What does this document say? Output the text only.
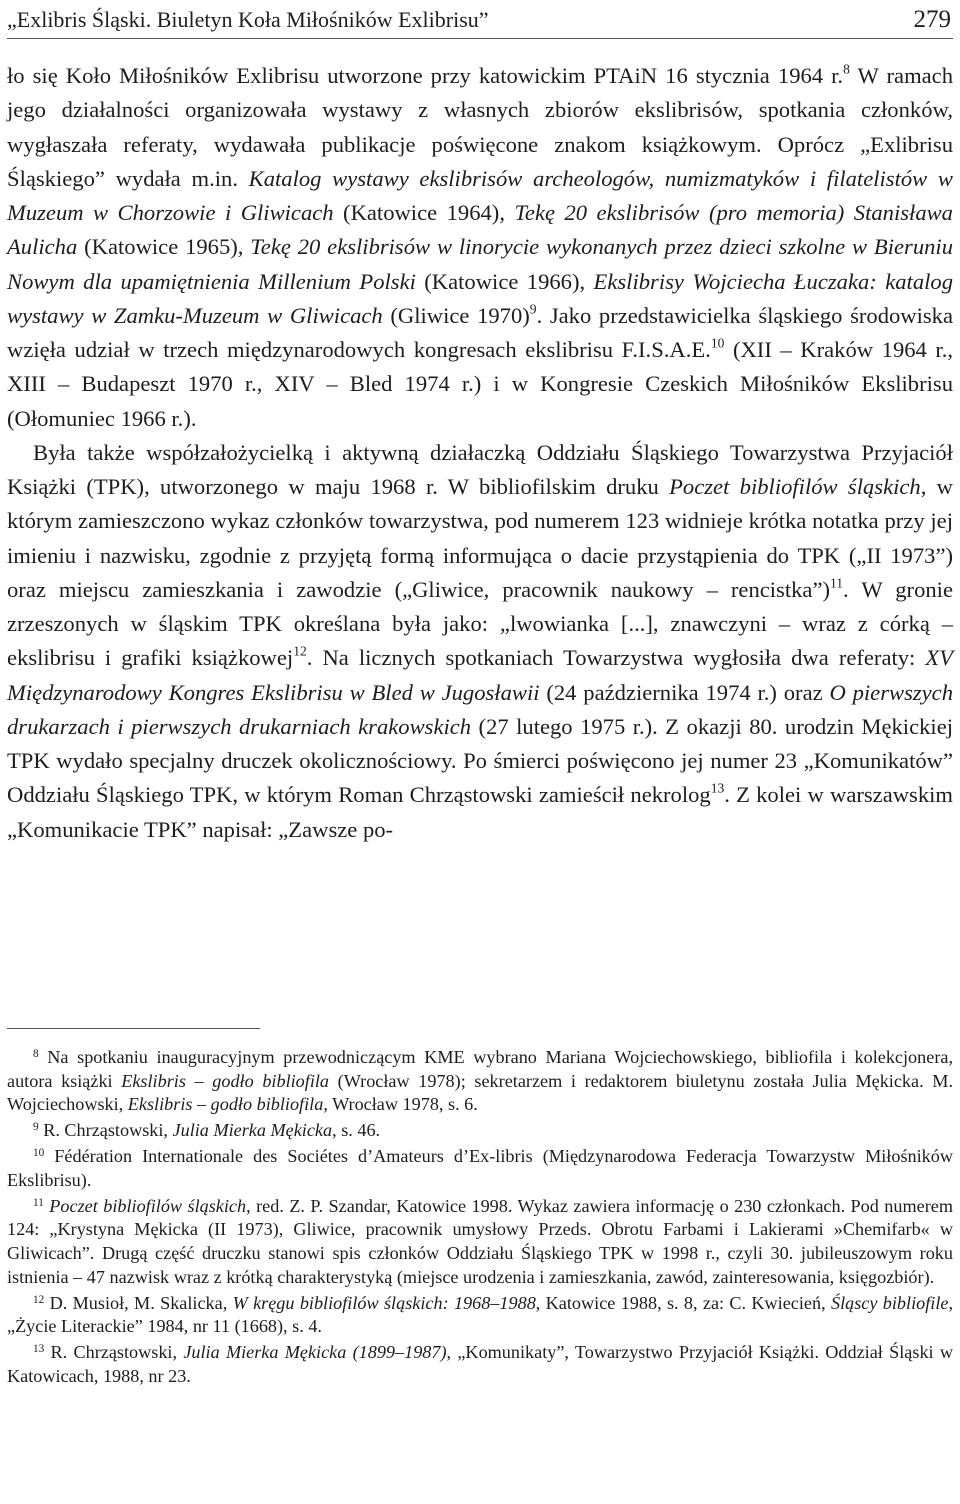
„Exlibris Śląski. Biuletyn Koła Miłośników Exlibrisu”	279

ło się Koło Miłośników Exlibrisu utworzone przy katowickim PTAiN 16 stycznia 1964 r.$^8$ W ramach jego działalności organizowała wystawy z własnych zbiorów ekslibrisów, spotkania członków, wygłaszała referaty, wydawała publikacje poświęcone znakom książkowym. Oprócz „Exlibrisu Śląskiego” wydała m.in. Katalog wystawy ekslibrisów archeologów, numizmatyków i filatelistów w Muzeum w Chorzowie i Gliwicach (Katowice 1964), Tekę 20 ekslibrisów (pro memoria) Stanisława Aulicha (Katowice 1965), Tekę 20 ekslibrisów w linorycie wykonanych przez dzieci szkolne w Bieruniu Nowym dla upamiętnienia Millenium Polski (Katowice 1966), Ekslibrisy Wojciecha Łuczaka: katalog wystawy w Zamku-Muzeum w Gliwicach (Gliwice 1970)$^9$. Jako przedstawicielka śląskiego środowiska wzięła udział w trzech międzynarodowych kongresach ekslibrisu F.I.S.A.E.$^{10}$ (XII – Kraków 1964 r., XIII – Budapeszt 1970 r., XIV – Bled 1974 r.) i w Kongresie Czeskich Miłośników Ekslibrisu (Ołomuniec 1966 r.).

Była także współzałożycielką i aktywną działaczką Oddziału Śląskiego Towarzystwa Przyjaciół Książki (TPK), utworzonego w maju 1968 r. W bibliofilskim druku Poczet bibliofilów śląskich, w którym zamieszczono wykaz członków towarzystwa, pod numerem 123 widnieje krótka notatka przy jej imieniu i nazwisku, zgodnie z przyjętą formą informująca o dacie przystąpienia do TPK („II 1973”) oraz miejscu zamieszkania i zawodzie („Gliwice, pracownik naukowy – rencistka”)$^{11}$. W gronie zrzeszonych w śląskim TPK określana była jako: „lwowianka [...], znawczyni – wraz z córką – ekslibrisu i grafiki książkowej$^{12}$. Na licznych spotkaniach Towarzystwa wygłosiła dwa referaty: XV Międzynarodowy Kongres Ekslibrisu w Bled w Jugosławii (24 października 1974 r.) oraz O pierwszych drukarzach i pierwszych drukarniach krakowskich (27 lutego 1975 r.). Z okazji 80. urodzin Mękickiej TPK wydało specjalny druczek okolicznościowy. Po śmierci poświęcono jej numer 23 „Komunikatów” Oddziału Śląskiego TPK, w którym Roman Chrząstowski zamieścił nekrolog$^{13}$. Z kolei w warszawskim „Komunikacie TPK” napisał: „Zawsze po-

$^8$ Na spotkaniu inauguracyjnym przewodniczącym KME wybrano Mariana Wojciechowskiego, bibliofila i kolekcjonera, autora książki Ekslibris – godło bibliofila (Wrocław 1978); sekretarzem i redaktorem biuletynu została Julia Mękicka. M. Wojciechowski, Ekslibris – godło bibliofila, Wrocław 1978, s. 6.

$^9$ R. Chrząstowski, Julia Mierka Mękicka, s. 46.

$^{10}$ Fédération Internationale des Sociétes d’Amateurs d’Ex-libris (Międzynarodowa Federacja Towarzystw Miłośników Ekslibrisu).

$^{11}$ Poczet bibliofilów śląskich, red. Z. P. Szandar, Katowice 1998. Wykaz zawiera informację o 230 członkach. Pod numerem 124: „Krystyna Mękicka (II 1973), Gliwice, pracownik umysłowy Przeds. Obrotu Farbami i Lakierami »Chemifarb« w Gliwicach”. Drugą część druczku stanowi spis członków Oddziału Śląskiego TPK w 1998 r., czyli 30. jubileuszowym roku istnienia – 47 nazwisk wraz z krótką charakterystyką (miejsce urodzenia i zamieszkania, zawód, zainteresowania, księgozbiór).

$^{12}$ D. Musioł, M. Skalicka, W kręgu bibliofilów śląskich: 1968–1988, Katowice 1988, s. 8, za: C. Kwiecień, Śląscy bibliofile, „Życie Literackie” 1984, nr 11 (1668), s. 4.

$^{13}$ R. Chrząstowski, Julia Mierka Mękicka (1899–1987), „Komunikaty”, Towarzystwo Przyjaciół Książki. Oddział Śląski w Katowicach, 1988, nr 23.
